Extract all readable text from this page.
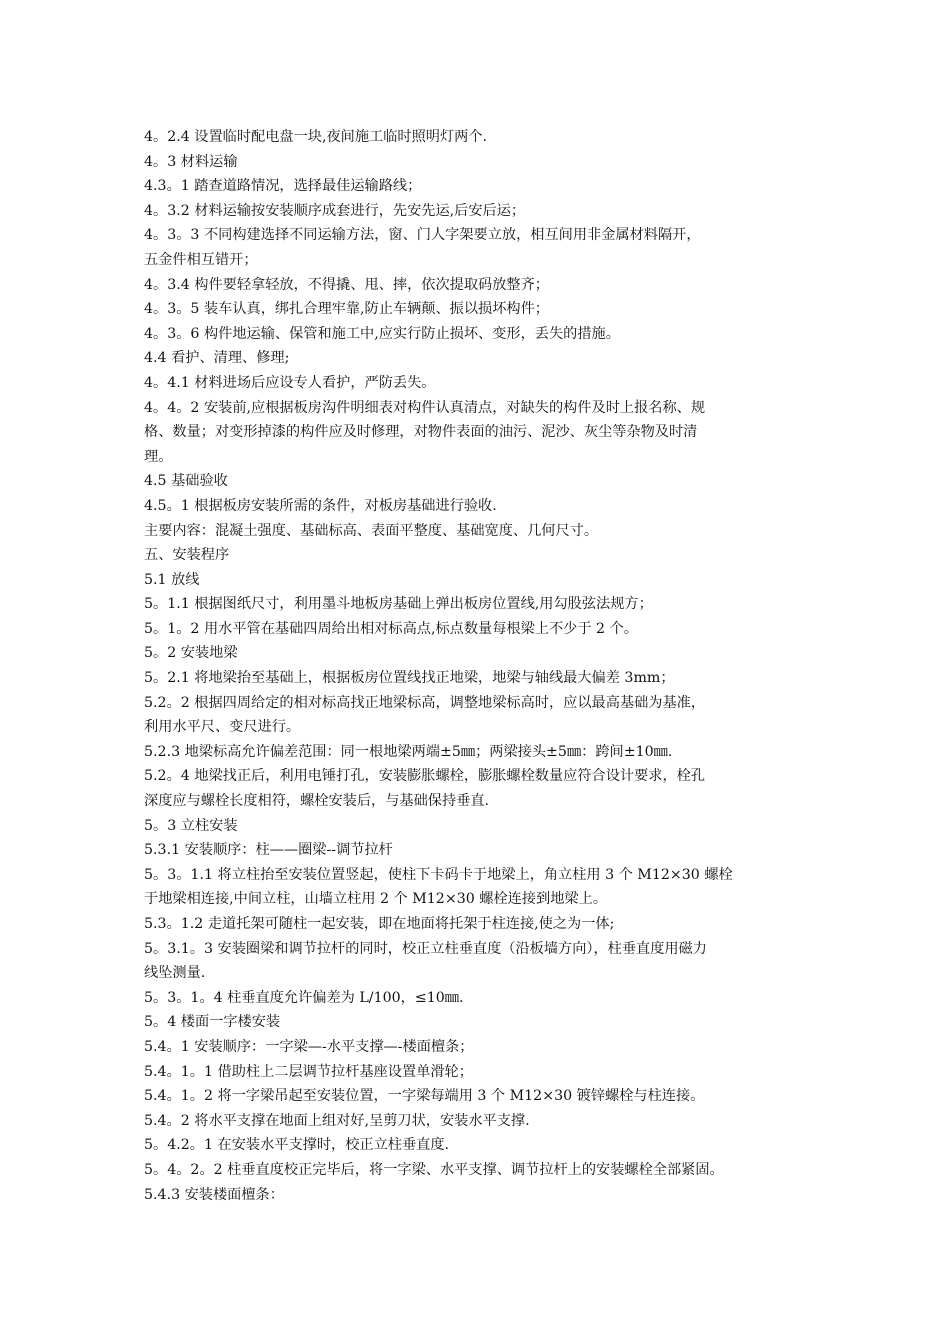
4。2.4 设置临时配电盘一块,夜间施工临时照明灯两个.
4。3 材料运输
4.3。1 踏查道路情况，选择最佳运输路线；
4。3.2 材料运输按安装顺序成套进行，先安先运,后安后运；
4。3。3 不同构建选择不同运输方法，窗、门人字架要立放，相互间用非金属材料隔开，
五金件相互错开；
4。3.4 构件要轻拿轻放，不得撬、甩、摔，依次提取码放整齐；
4。3。5 装车认真，绑扎合理牢靠,防止车辆颠、振以损坏构件；
4。3。6 构件地运输、保管和施工中,应实行防止损坏、变形，丢失的措施。
4.4 看护、清理、修理;
4。4.1 材料进场后应设专人看护，严防丢失。
4。4。2 安装前,应根据板房沟件明细表对构件认真清点，对缺失的构件及时上报名称、规
格、数量；对变形掉漆的构件应及时修理，对物件表面的油污、泥沙、灰尘等杂物及时清
理。
4.5 基础验收
4.5。1 根据板房安装所需的条件，对板房基础进行验收.
主要内容：混凝土强度、基础标高、表面平整度、基础宽度、几何尺寸。
五、安装程序
5.1 放线
5。1.1 根据图纸尺寸，利用墨斗地板房基础上弹出板房位置线,用勾股弦法规方；
5。1。2 用水平管在基础四周给出相对标高点,标点数量每根梁上不少于 2 个。
5。2 安装地梁
5。2.1 将地梁抬至基础上，根据板房位置线找正地梁，地梁与轴线最大偏差 3mm；
5.2。2 根据四周给定的相对标高找正地梁标高，调整地梁标高时，应以最高基础为基准，
利用水平尺、变尺进行。
5.2.3 地梁标高允许偏差范围：同一根地梁两端±5㎜；两梁接头±5㎜：跨间±10㎜.
5.2。4 地梁找正后，利用电锤打孔，安装膨胀螺栓，膨胀螺栓数量应符合设计要求，栓孔
深度应与螺栓长度相符，螺栓安装后，与基础保持垂直.
5。3 立柱安装
5.3.1 安装顺序：柱——圈梁--调节拉杆
5。3。1.1 将立柱抬至安装位置竖起，使柱下卡码卡于地梁上，角立柱用 3 个 M12×30 螺栓
于地梁相连接,中间立柱，山墙立柱用 2 个 M12×30 螺栓连接到地梁上。
5.3。1.2 走道托架可随柱一起安装，即在地面将托架于柱连接,使之为一体;
5。3.1。3 安装圈梁和调节拉杆的同时，校正立柱垂直度（沿板墙方向），柱垂直度用磁力
线坠测量.
5。3。1。4 柱垂直度允许偏差为 L/100，≤10㎜.
5。4 楼面一字楼安装
5.4。1 安装顺序：一字梁—-水平支撑—-楼面檀条；
5.4。1。1 借助柱上二层调节拉杆基座设置单滑轮；
5.4。1。2 将一字梁吊起至安装位置，一字梁每端用 3 个 M12×30 镀锌螺栓与柱连接。
5.4。2 将水平支撑在地面上组对好,呈剪刀状，安装水平支撑.
5。4.2。1 在安装水平支撑时，校正立柱垂直度.
5。4。2。2 柱垂直度校正完毕后，将一字梁、水平支撑、调节拉杆上的安装螺栓全部紧固。
5.4.3 安装楼面檀条：
